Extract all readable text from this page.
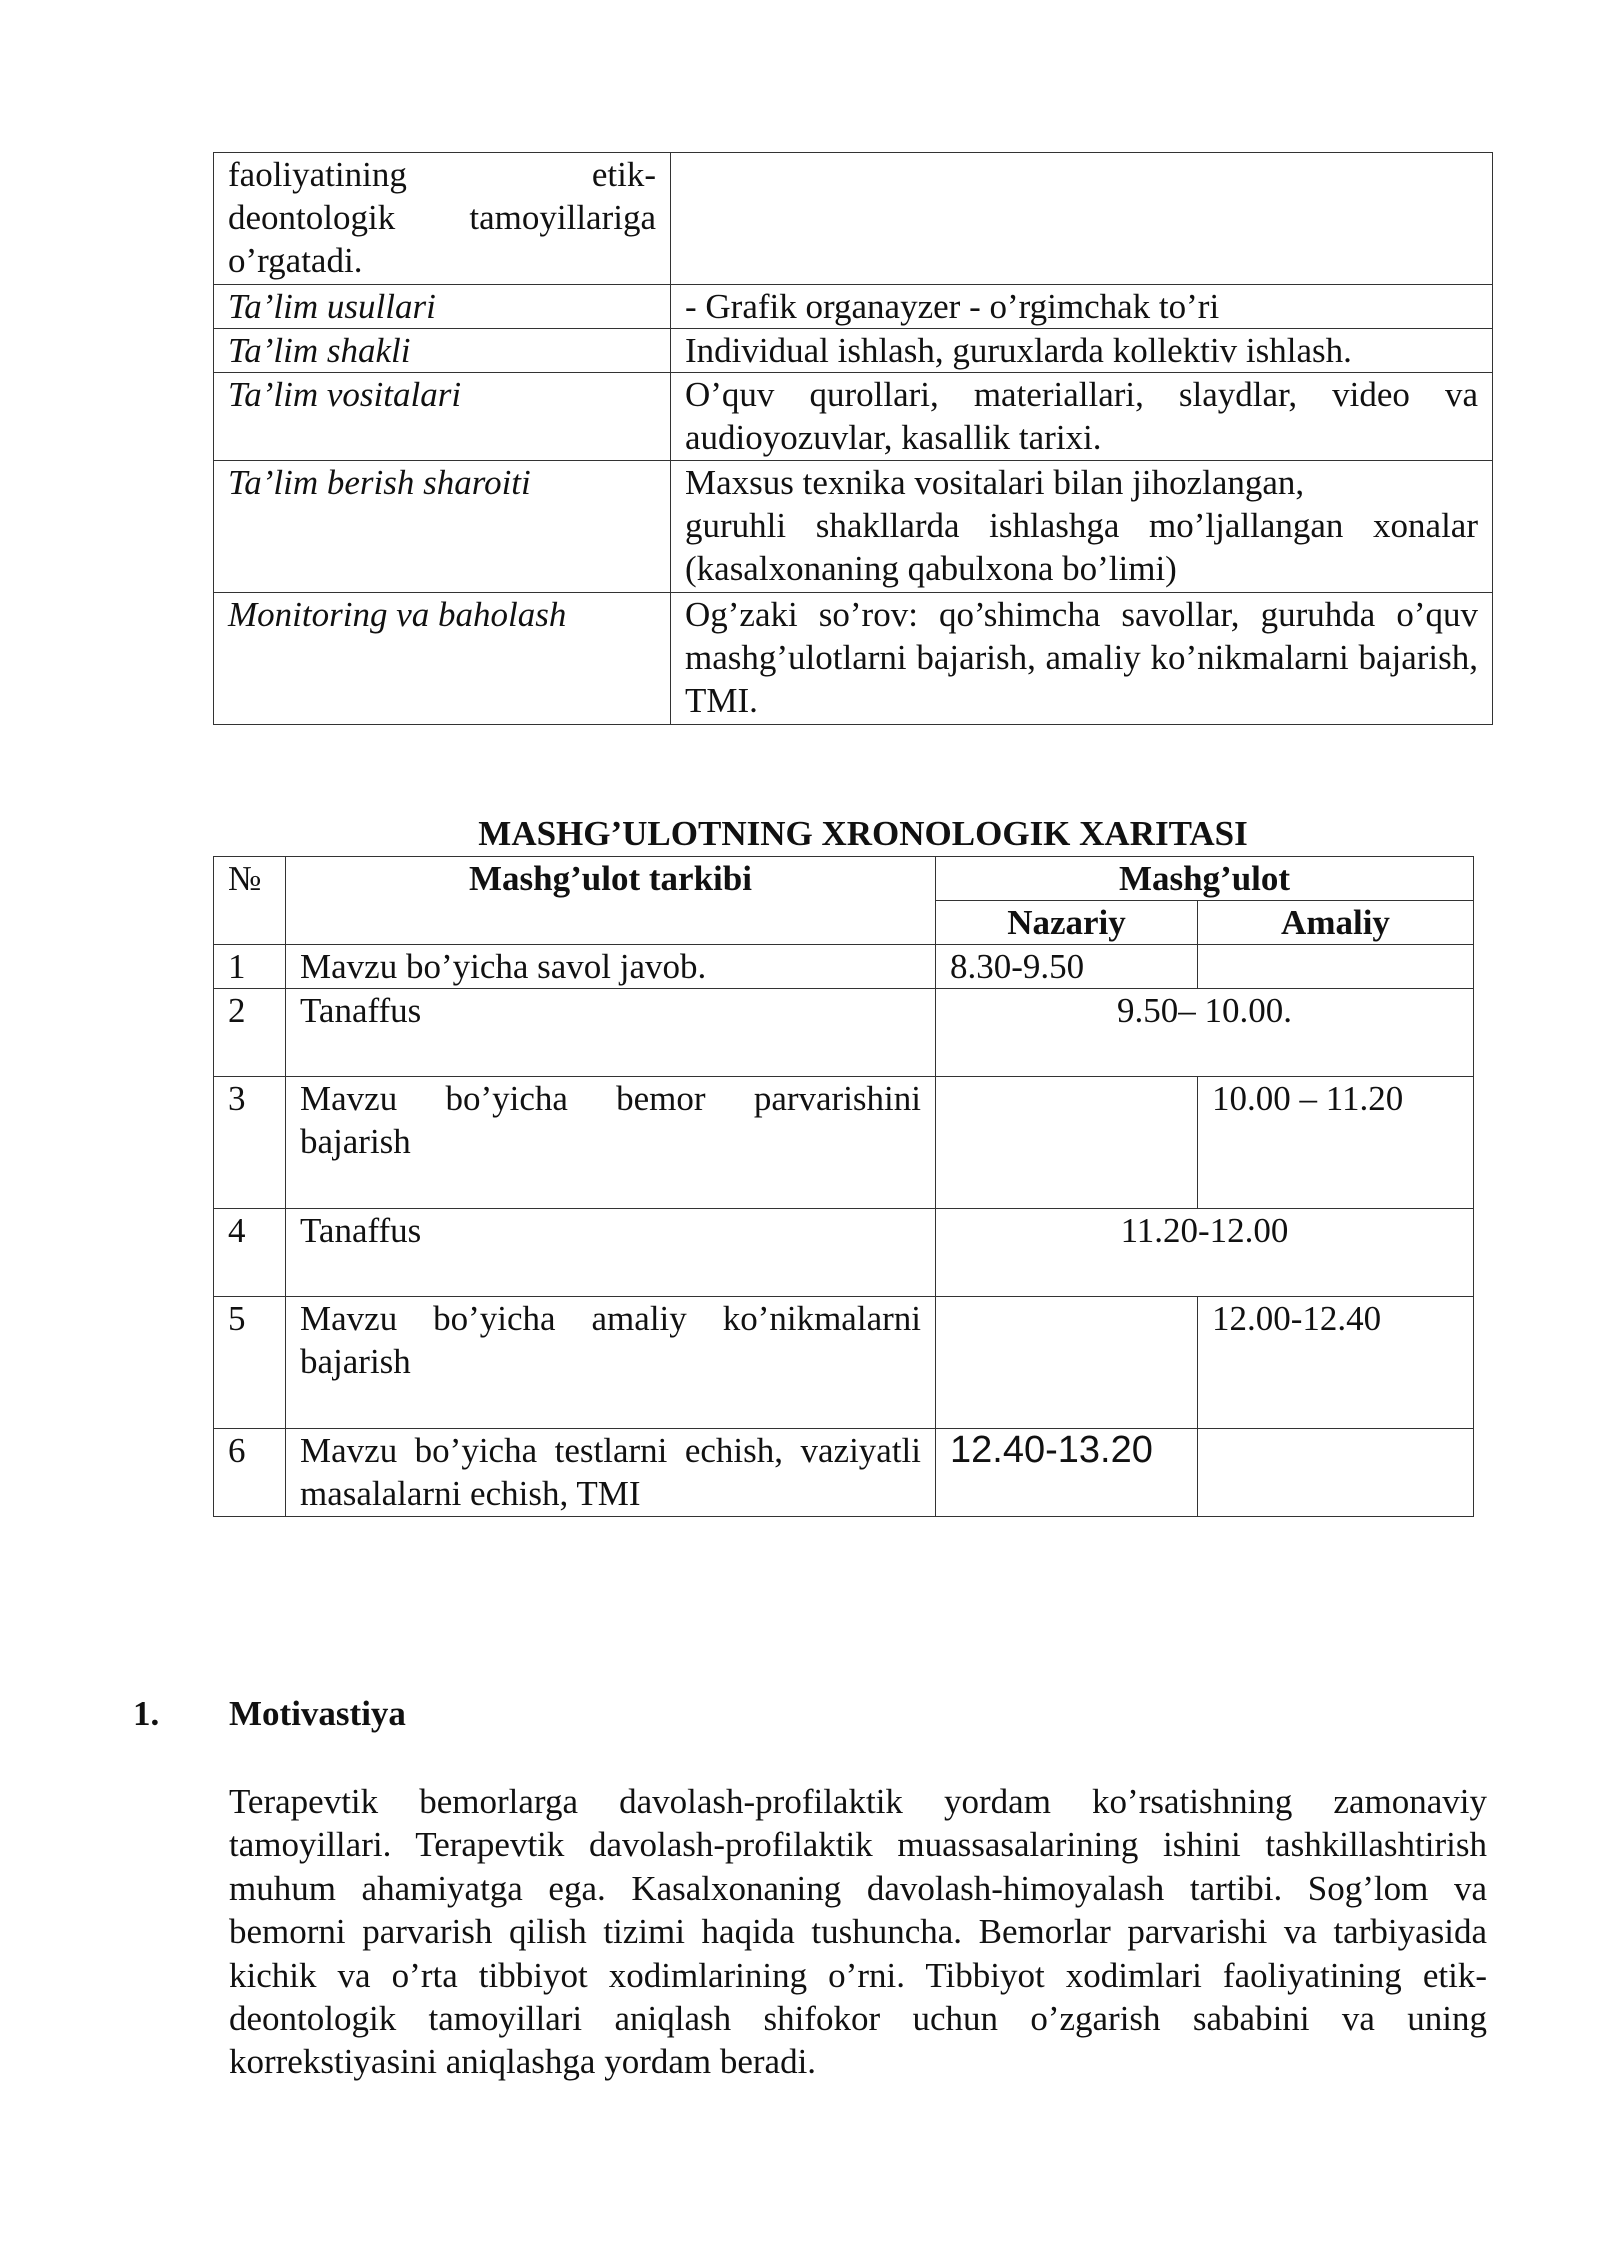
faoliyatining etik-
deontologik tamoyillariga
o’rgatadi.	

Ta’lim usullari	- Grafik organayzer - o’rgimchak to’ri
Ta’lim shakli	Individual ishlash, guruxlarda kollektiv ishlash.
Ta’lim vositalari	O’quv qurollari, materiallari, slaydlar, video va audioyozuvlar, kasallik tarixi.
Ta’lim berish sharoiti	Maxsus texnika vositalari bilan jihozlangan,
guruhli shakllarda ishlashga mo’ljallangan xonalar
(kasalxonaning qabulxona bo’limi)

Monitoring va baholash	Og’zaki so’rov: qo’shimcha savollar, guruhda o’quv mashg’ulotlarni bajarish, amaliy ko’nikmalarni bajarish, TMI.
MASHG’ULOTNING XRONOLOGIK XARITASI
№	Mashg’ulot tarkibi	Mashg’ulot	
		Nazariy	Amaliy
1	Mavzu bo’yicha savol javob.	8.30-9.50	
2	Tanaffus	9.50– 10.00.	
3	Mavzu bo’yicha bemor parvarishini bajarish		10.00 – 11.20
4	Tanaffus	11.20-12.00	
5	Mavzu bo’yicha amaliy ko’nikmalarni bajarish		12.00-12.40
6	Mavzu bo’yicha testlarni echish, vaziyatli masalalarni echish, TMI	12.40-13.20	
1. Motivastiya
Terapevtik bemorlarga davolash-profilaktik yordam ko’rsatishning zamonaviy tamoyillari. Terapevtik davolash-profilaktik muassasalarining ishini tashkillashtirish muhum ahamiyatga ega. Kasalxonaning davolash-himoyalash tartibi. Sog’lom va bemorni parvarish qilish tizimi haqida tushuncha. Bemorlar parvarishi va tarbiyasida kichik va o’rta tibbiyot xodimlarining o’rni. Tibbiyot xodimlari faoliyatining etik-deontologik tamoyillari aniqlash shifokor uchun o’zgarish sababini va uning korrekstiyasini aniqlashga yordam beradi.
